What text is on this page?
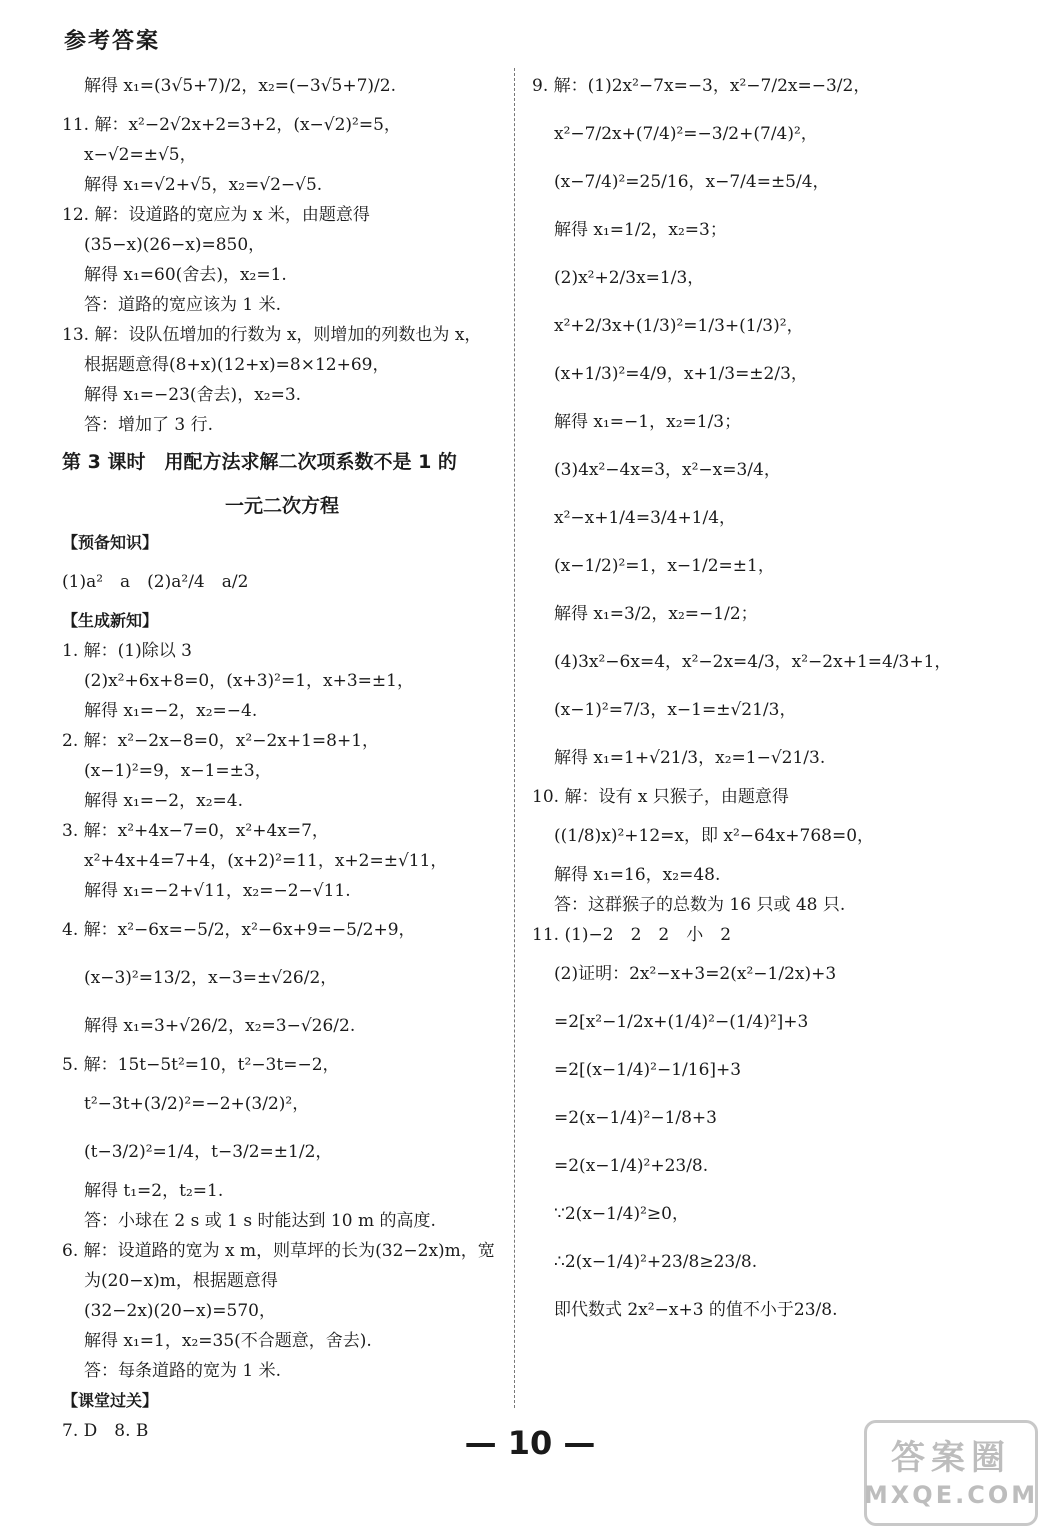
参考答案
解得 x₁=(3√5+7)/2，x₂=(−3√5+7)/2.
11. 解：x²−2√2x+2=3+2，(x−√2)²=5，
x−√2=±√5，
解得 x₁=√2+√5，x₂=√2−√5.
12. 解：设道路的宽应为 x 米，由题意得
(35−x)(26−x)=850，
解得 x₁=60(舍去)，x₂=1.
答：道路的宽应该为 1 米.
13. 解：设队伍增加的行数为 x，则增加的列数也为 x，
根据题意得(8+x)(12+x)=8×12+69，
解得 x₁=−23(舍去)，x₂=3.
答：增加了 3 行.
第 3 课时　用配方法求解二次项系数不是 1 的
一元二次方程
【预备知识】
(1)a²　a　(2)a²/4　a/2
【生成新知】
1. 解：(1)除以 3
(2)x²+6x+8=0，(x+3)²=1，x+3=±1，
解得 x₁=−2，x₂=−4.
2. 解：x²−2x−8=0，x²−2x+1=8+1，
(x−1)²=9，x−1=±3，
解得 x₁=−2，x₂=4.
3. 解：x²+4x−7=0，x²+4x=7，
x²+4x+4=7+4，(x+2)²=11，x+2=±√11，
解得 x₁=−2+√11，x₂=−2−√11.
4. 解：x²−6x=−5/2，x²−6x+9=−5/2+9，
(x−3)²=13/2，x−3=±√26/2，
解得 x₁=3+√26/2，x₂=3−√26/2.
5. 解：15t−5t²=10，t²−3t=−2，
t²−3t+(3/2)²=−2+(3/2)²，
(t−3/2)²=1/4，t−3/2=±1/2，
解得 t₁=2，t₂=1.
答：小球在 2 s 或 1 s 时能达到 10 m 的高度.
6. 解：设道路的宽为 x m，则草坪的长为(32−2x)m，宽
为(20−x)m，根据题意得
(32−2x)(20−x)=570，
解得 x₁=1，x₂=35(不合题意，舍去).
答：每条道路的宽为 1 米.
【课堂过关】
7. D　8. B
9. 解：(1)2x²−7x=−3，x²−7/2x=−3/2，
x²−7/2x+(7/4)²=−3/2+(7/4)²，
(x−7/4)²=25/16，x−7/4=±5/4，
解得 x₁=1/2，x₂=3；
(2)x²+2/3x=1/3，
x²+2/3x+(1/3)²=1/3+(1/3)²，
(x+1/3)²=4/9，x+1/3=±2/3，
解得 x₁=−1，x₂=1/3；
(3)4x²−4x=3，x²−x=3/4，
x²−x+1/4=3/4+1/4，
(x−1/2)²=1，x−1/2=±1，
解得 x₁=3/2，x₂=−1/2；
(4)3x²−6x=4，x²−2x=4/3，x²−2x+1=4/3+1，
(x−1)²=7/3，x−1=±√21/3，
解得 x₁=1+√21/3，x₂=1−√21/3.
10. 解：设有 x 只猴子，由题意得
((1/8)x)²+12=x，即 x²−64x+768=0，
解得 x₁=16，x₂=48.
答：这群猴子的总数为 16 只或 48 只.
11. (1)−2　2　2　小　2
(2)证明：2x²−x+3=2(x²−1/2x)+3
=2[x²−1/2x+(1/4)²−(1/4)²]+3
=2[(x−1/4)²−1/16]+3
=2(x−1/4)²−1/8+3
=2(x−1/4)²+23/8.
∵2(x−1/4)²≥0，
∴2(x−1/4)²+23/8≥23/8.
即代数式 2x²−x+3 的值不小于23/8.
— 10 —	答案圈
MXQE.COM
